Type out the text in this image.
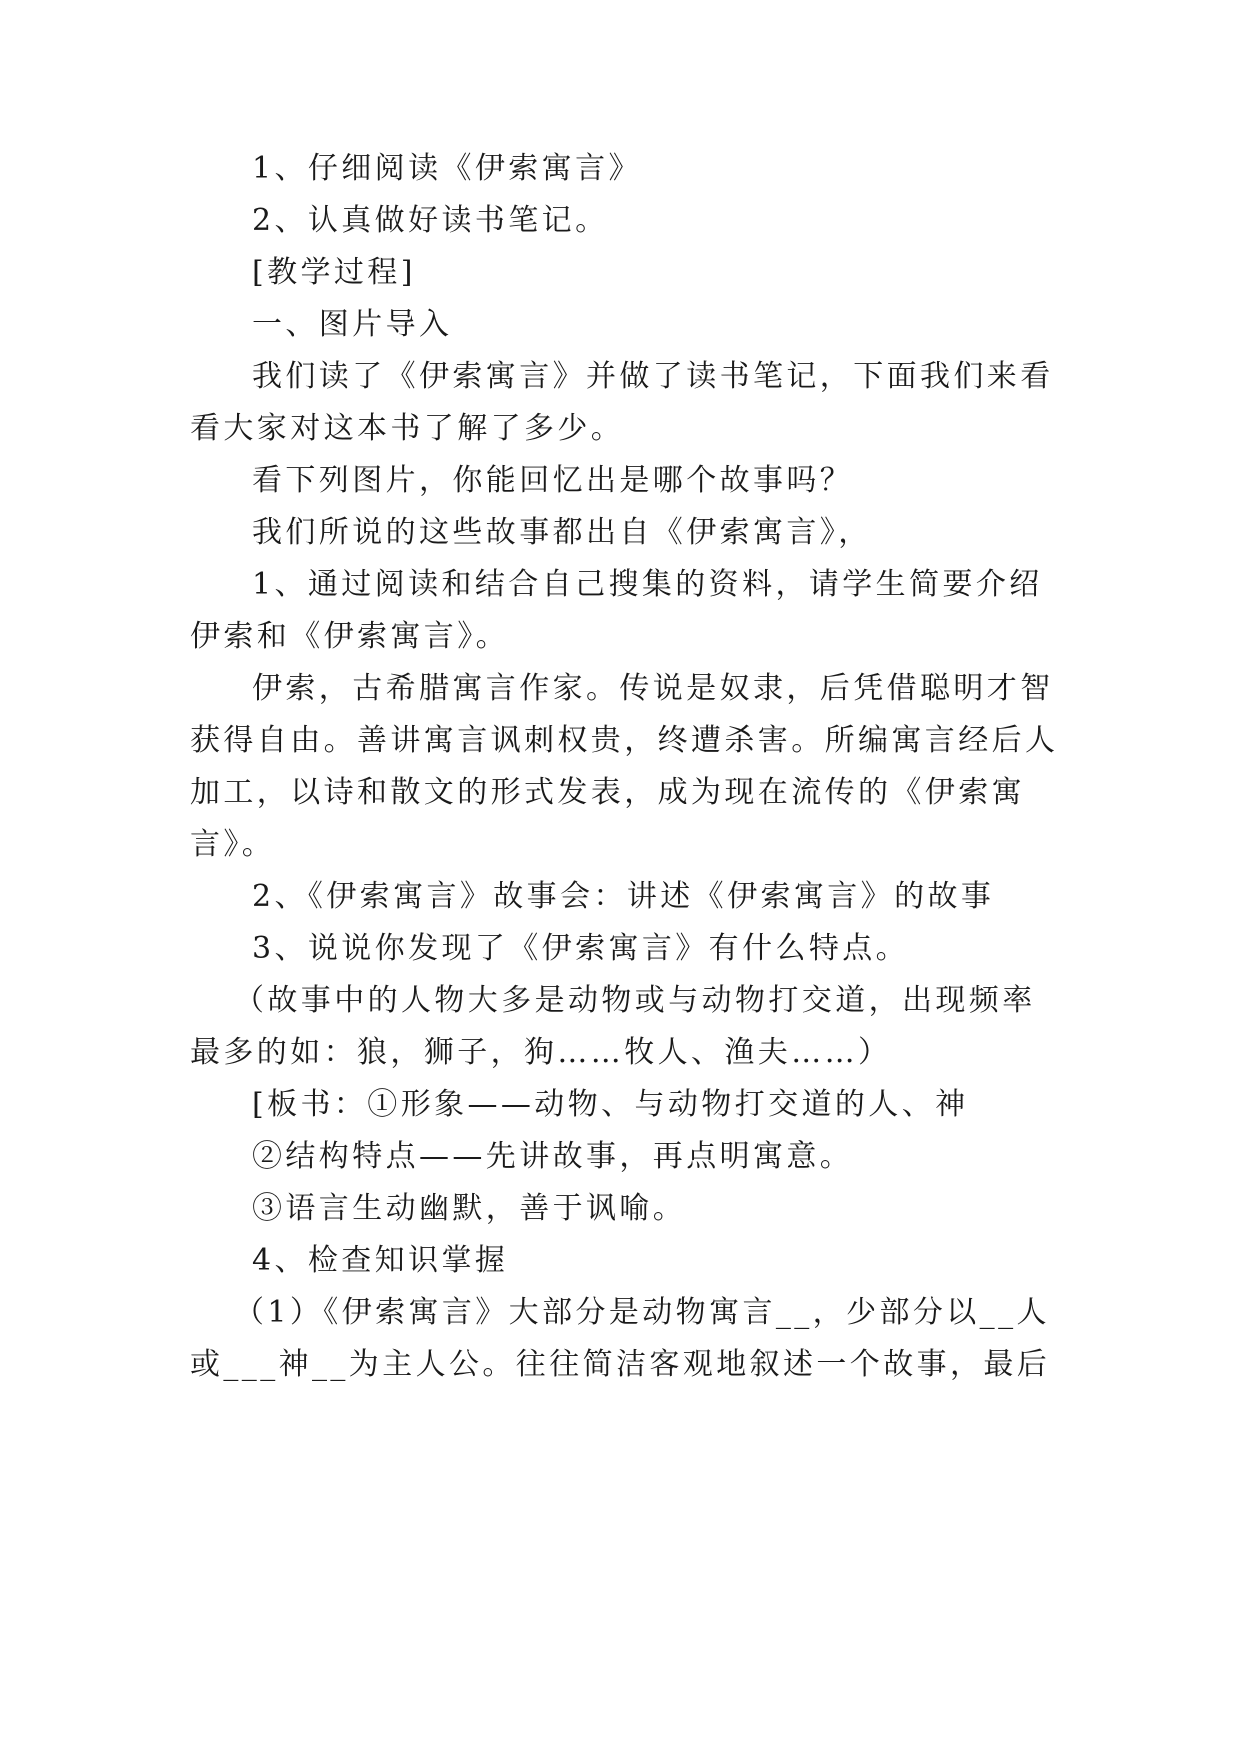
1、仔细阅读《伊索寓言》

2、认真做好读书笔记。

[教学过程]

一、图片导入

我们读了《伊索寓言》并做了读书笔记，下面我们来看

看大家对这本书了解了多少。

看下列图片，你能回忆出是哪个故事吗？

我们所说的这些故事都出自《伊索寓言》，

1、通过阅读和结合自己搜集的资料，请学生简要介绍

伊索和《伊索寓言》。

伊索，古希腊寓言作家。传说是奴隶，后凭借聪明才智

获得自由。善讲寓言讽刺权贵，终遭杀害。所编寓言经后人

加工，以诗和散文的形式发表，成为现在流传的《伊索寓

言》。

2、《伊索寓言》故事会：讲述《伊索寓言》的故事

3、说说你发现了《伊索寓言》有什么特点。

（故事中的人物大多是动物或与动物打交道，出现频率

最多的如：狼，狮子，狗……牧人、渔夫……）

[板书：①形象——动物、与动物打交道的人、神

②结构特点——先讲故事，再点明寓意。

③语言生动幽默，善于讽喻。

4、检查知识掌握

（1）《伊索寓言》大部分是动物寓言__，少部分以__人

或___神__为主人公。往往简洁客观地叙述一个故事，最后
